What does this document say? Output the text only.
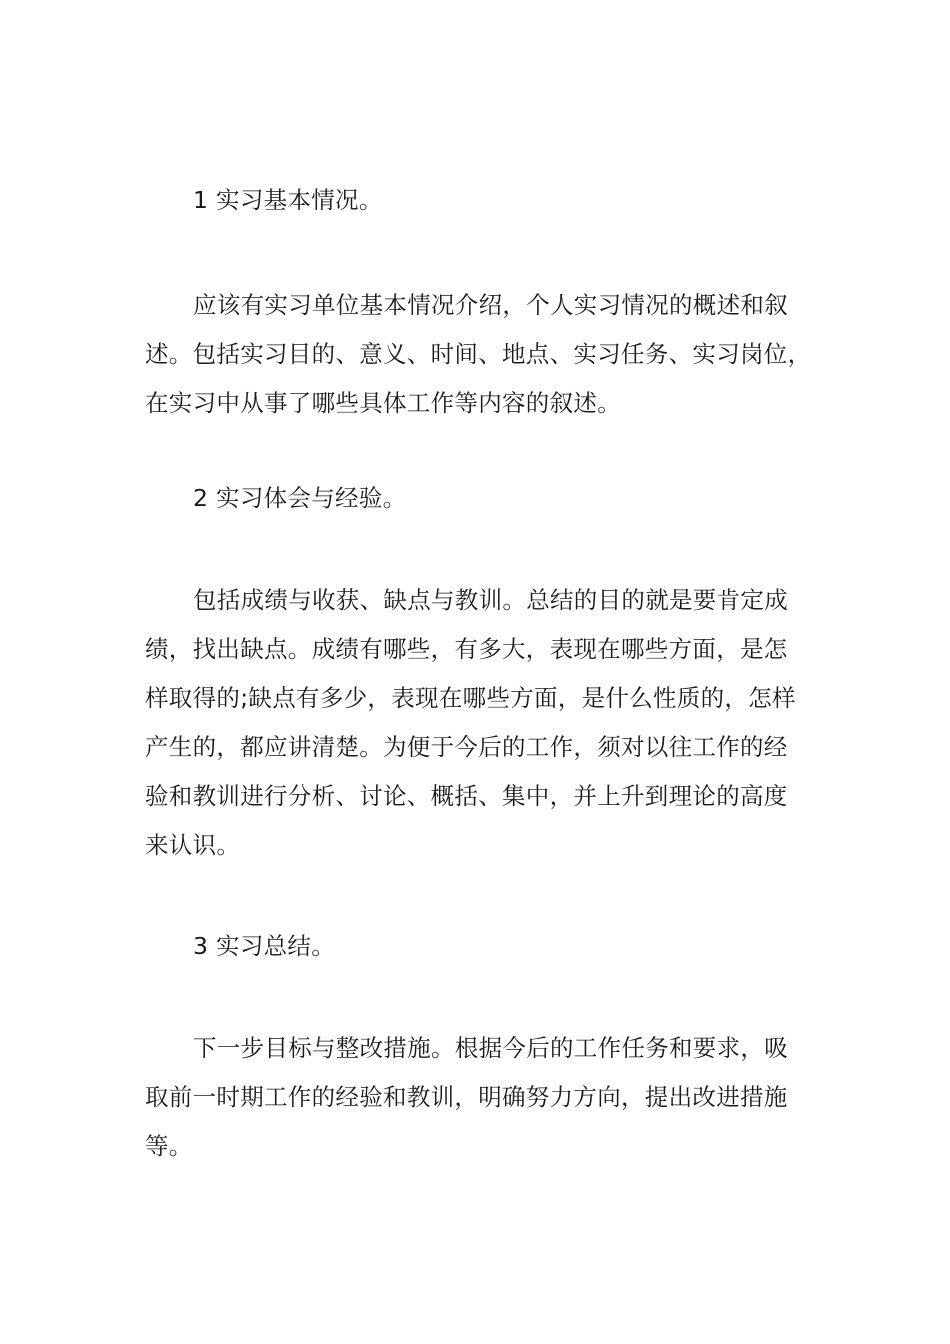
1 实习基本情况。
应该有实习单位基本情况介绍，个人实习情况的概述和叙
述。包括实习目的、意义、时间、地点、实习任务、实习岗位，
在实习中从事了哪些具体工作等内容的叙述。
2 实习体会与经验。
包括成绩与收获、缺点与教训。总结的目的就是要肯定成
绩，找出缺点。成绩有哪些，有多大，表现在哪些方面，是怎
样取得的;缺点有多少，表现在哪些方面，是什么性质的，怎样
产生的，都应讲清楚。为便于今后的工作，须对以往工作的经
验和教训进行分析、讨论、概括、集中，并上升到理论的高度
来认识。
3 实习总结。
下一步目标与整改措施。根据今后的工作任务和要求，吸
取前一时期工作的经验和教训，明确努力方向，提出改进措施
等。
